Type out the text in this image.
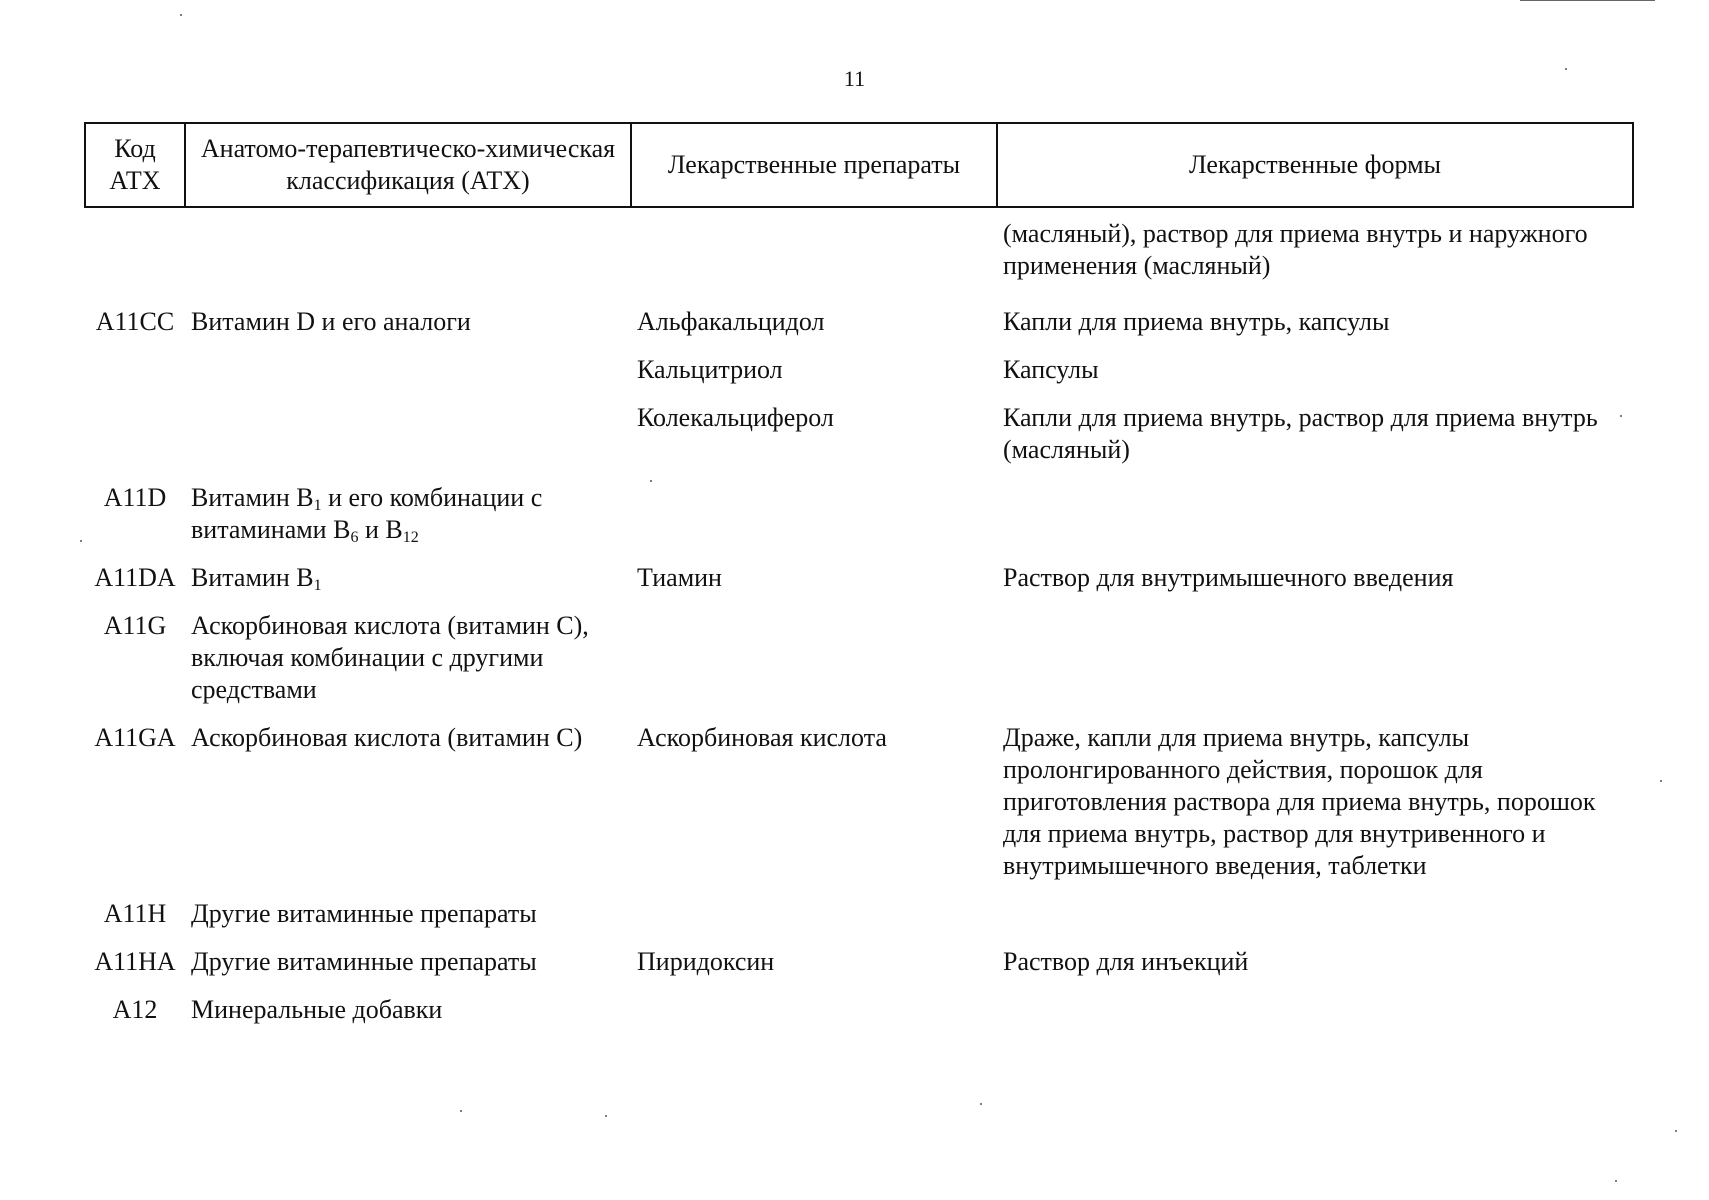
11
Код АТХ	Анатомо-терапевтическо-химическая классификация (АТХ)	Лекарственные препараты	Лекарственные формы
			(масляный), раствор для приема внутрь и наружного применения (масляный)
A11CC	Витамин D и его аналоги	Альфакальцидол	Капли для приема внутрь, капсулы
		Кальцитриол	Капсулы
		Колекальциферол	Капли для приема внутрь, раствор для приема внутрь (масляный)
A11D	Витамин $B_1$ и его комбинации с витаминами $B_6$ и $B_{12}$		
A11DA	Витамин $B_1$	Тиамин	Раствор для внутримышечного введения
A11G	Аскорбиновая кислота (витамин C), включая комбинации с другими средствами		
A11GA	Аскорбиновая кислота (витамин C)	Аскорбиновая кислота	Драже, капли для приема внутрь, капсулы пролонгированного действия, порошок для приготовления раствора для приема внутрь, порошок для приема внутрь, раствор для внутривенного и внутримышечного введения, таблетки
A11H	Другие витаминные препараты		
A11HA	Другие витаминные препараты	Пиридоксин	Раствор для инъекций
A12	Минеральные добавки		
